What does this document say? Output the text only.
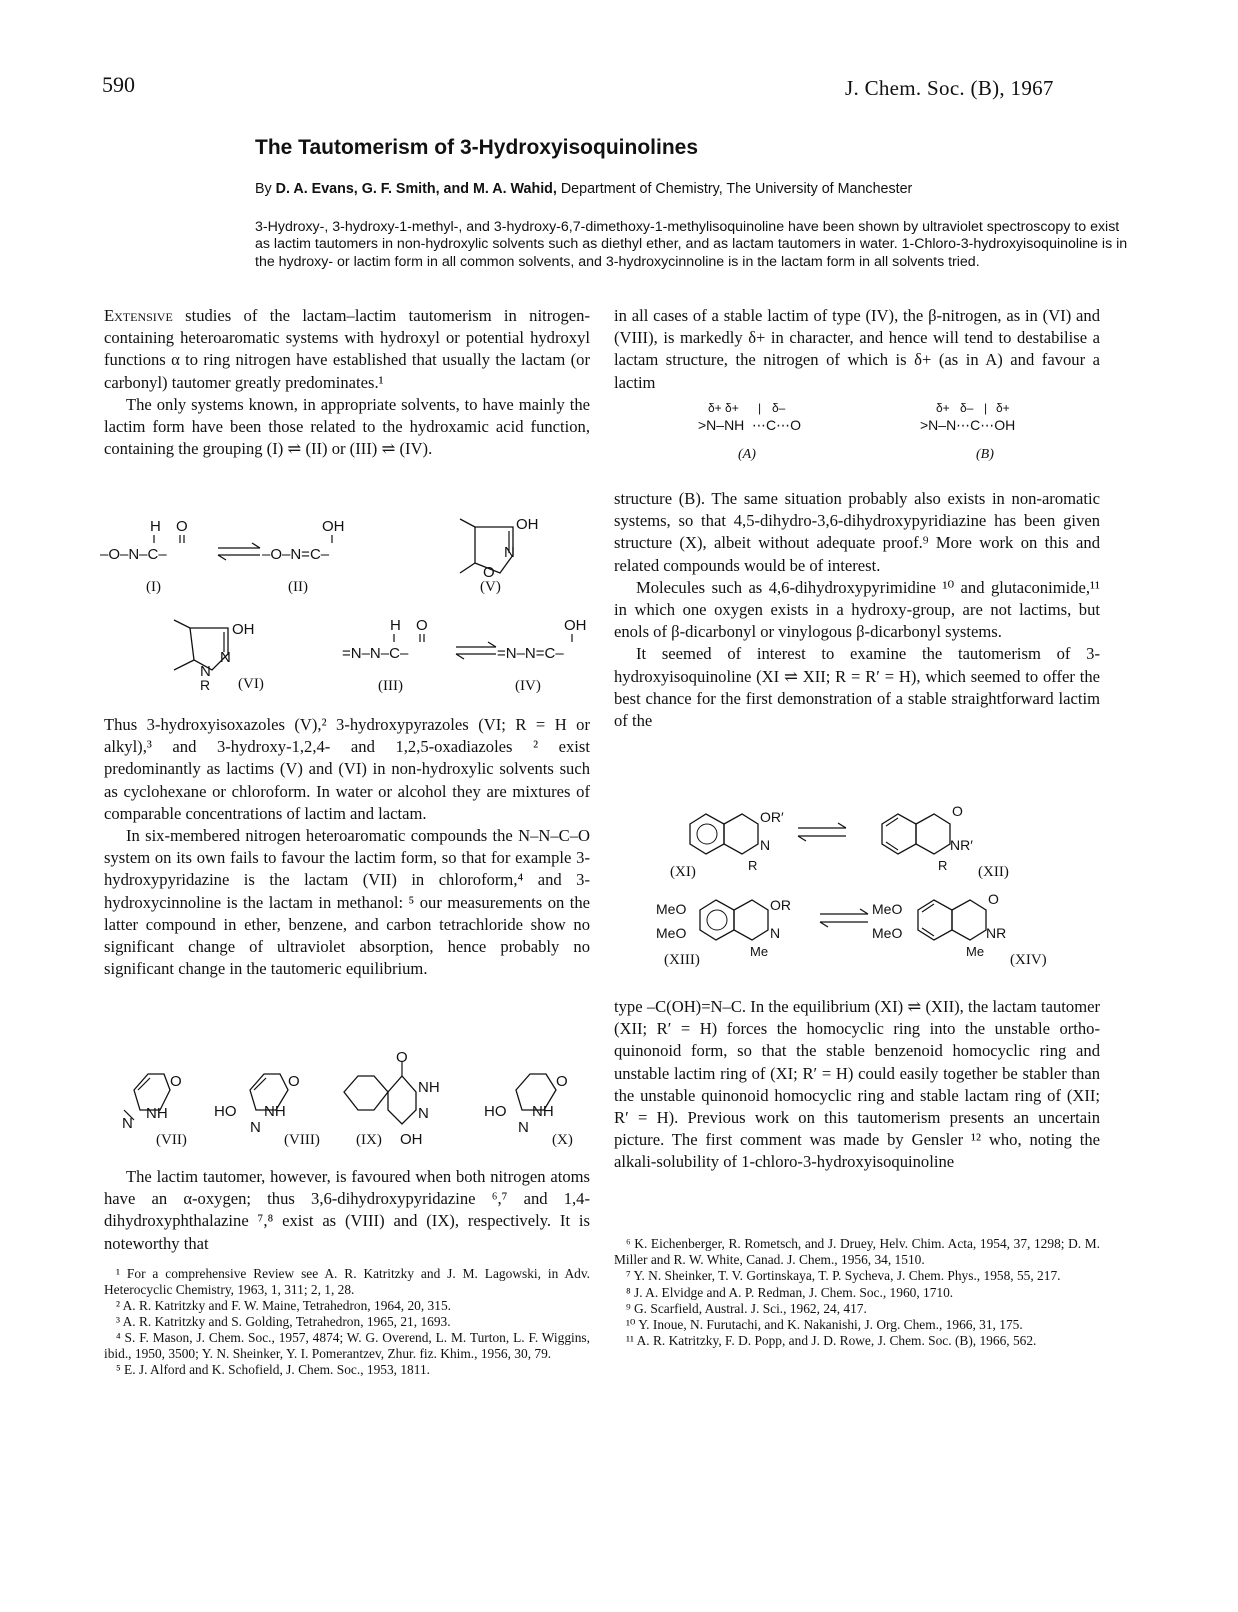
590	J. Chem. Soc. (B), 1967
The Tautomerism of 3-Hydroxyisoquinolines
By D. A. Evans, G. F. Smith, and M. A. Wahid, Department of Chemistry, The University of Manchester
3-Hydroxy-, 3-hydroxy-1-methyl-, and 3-hydroxy-6,7-dimethoxy-1-methylisoquinoline have been shown by ultraviolet spectroscopy to exist as lactim tautomers in non-hydroxylic solvents such as diethyl ether, and as lactam tautomers in water. 1-Chloro-3-hydroxyisoquinoline is in the hydroxy- or lactim form in all common solvents, and 3-hydroxycinnoline is in the lactam form in all solvents tried.

Extensive studies of the lactam–lactim tautomerism in nitrogen-containing heteroaromatic systems with hydroxyl or potential hydroxyl functions α to ring nitrogen have established that usually the lactam (or carbonyl) tautomer greatly predominates.¹

The only systems known, in appropriate solvents, to have mainly the lactim form have been those related to the hydroxamic acid function, containing the grouping (I) ⇌ (II) or (III) ⇌ (IV).

H O
–O–N–C–	–O–N=C–
OH
(I)	(II)
OH
N
O
(V)
OH
N
N
R (VI)
H O
=N–N–C–	=N–N=C–
OH
(III)	(IV)

Thus 3-hydroxyisoxazoles (V),² 3-hydroxypyrazoles (VI; R = H or alkyl),³ and 3-hydroxy-1,2,4- and 1,2,5-oxadiazoles ² exist predominantly as lactims (V) and (VI) in non-hydroxylic solvents such as cyclohexane or chloroform. In water or alcohol they are mixtures of comparable concentrations of lactim and lactam.

In six-membered nitrogen heteroaromatic compounds the N–N–C–O system on its own fails to favour the lactim form, so that for example 3-hydroxypyridazine is the lactam (VII) in chloroform,⁴ and 3-hydroxycinnoline is the lactam in methanol: ⁵ our measurements on the latter compound in ether, benzene, and carbon tetrachloride show no significant change of ultraviolet absorption, hence probably no significant change in the tautomeric equilibrium.

O
NH
N
(VII)
O
HO NH
N
(VIII)
O
NH
N
OH
(IX)
O
HO NH
N
(X)

The lactim tautomer, however, is favoured when both nitrogen atoms have an α-oxygen; thus 3,6-dihydroxypyridazine ⁶,⁷ and 1,4-dihydroxyphthalazine ⁷,⁸ exist as (VIII) and (IX), respectively. It is noteworthy that

¹ For a comprehensive Review see A. R. Katritzky and J. M. Lagowski, in Adv. Heterocyclic Chemistry, 1963, 1, 311; 2, 1, 28.

² A. R. Katritzky and F. W. Maine, Tetrahedron, 1964, 20, 315.

³ A. R. Katritzky and S. Golding, Tetrahedron, 1965, 21, 1693.

⁴ S. F. Mason, J. Chem. Soc., 1957, 4874; W. G. Overend, L. M. Turton, L. F. Wiggins, ibid., 1950, 3500; Y. N. Sheinker, Y. I. Pomerantzev, Zhur. fiz. Khim., 1956, 30, 79.

⁵ E. J. Alford and K. Schofield, J. Chem. Soc., 1953, 1811.

in all cases of a stable lactim of type (IV), the β-nitrogen, as in (VI) and (VIII), is markedly δ+ in character, and hence will tend to destabilise a lactam structure, the nitrogen of which is δ+ (as in A) and favour a lactim

δ+ δ+ | δ–
>N–NH ⋯C⋯O
(A)
δ+ δ– | δ+
>N–N⋯C⋯OH
(B)

structure (B). The same situation probably also exists in non-aromatic systems, so that 4,5-dihydro-3,6-dihydroxypyridiazine has been given structure (X), albeit without adequate proof.⁹ More work on this and related compounds would be of interest.

Molecules such as 4,6-dihydroxypyrimidine ¹⁰ and glutaconimide,¹¹ in which one oxygen exists in a hydroxy-group, are not lactims, but enols of β-dicarbonyl or vinylogous β-dicarbonyl systems.

It seemed of interest to examine the tautomerism of 3-hydroxyisoquinoline (XI ⇌ XII; R = R′ = H), which seemed to offer the best chance for the first demonstration of a stable straightforward lactim of the

OR′
N
R
(XI)
O
NR′
R (XII)
MeO
MeO
OR
N
Me
(XIII)
MeO
MeO
O
NR
Me
(XIV)

type –C(OH)=N–C. In the equilibrium (XI) ⇌ (XII), the lactam tautomer (XII; R′ = H) forces the homocyclic ring into the unstable ortho-quinonoid form, so that the stable benzenoid homocyclic ring and unstable lactim ring of (XI; R′ = H) could easily together be stabler than the unstable quinonoid homocyclic ring and stable lactam ring of (XII; R′ = H). Previous work on this tautomerism presents an uncertain picture. The first comment was made by Gensler ¹² who, noting the alkali-solubility of 1-chloro-3-hydroxyisoquinoline

⁶ K. Eichenberger, R. Rometsch, and J. Druey, Helv. Chim. Acta, 1954, 37, 1298; D. M. Miller and R. W. White, Canad. J. Chem., 1956, 34, 1510.

⁷ Y. N. Sheinker, T. V. Gortinskaya, T. P. Sycheva, J. Chem. Phys., 1958, 55, 217.

⁸ J. A. Elvidge and A. P. Redman, J. Chem. Soc., 1960, 1710.

⁹ G. Scarfield, Austral. J. Sci., 1962, 24, 417.

¹⁰ Y. Inoue, N. Furutachi, and K. Nakanishi, J. Org. Chem., 1966, 31, 175.

¹¹ A. R. Katritzky, F. D. Popp, and J. D. Rowe, J. Chem. Soc. (B), 1966, 562.
